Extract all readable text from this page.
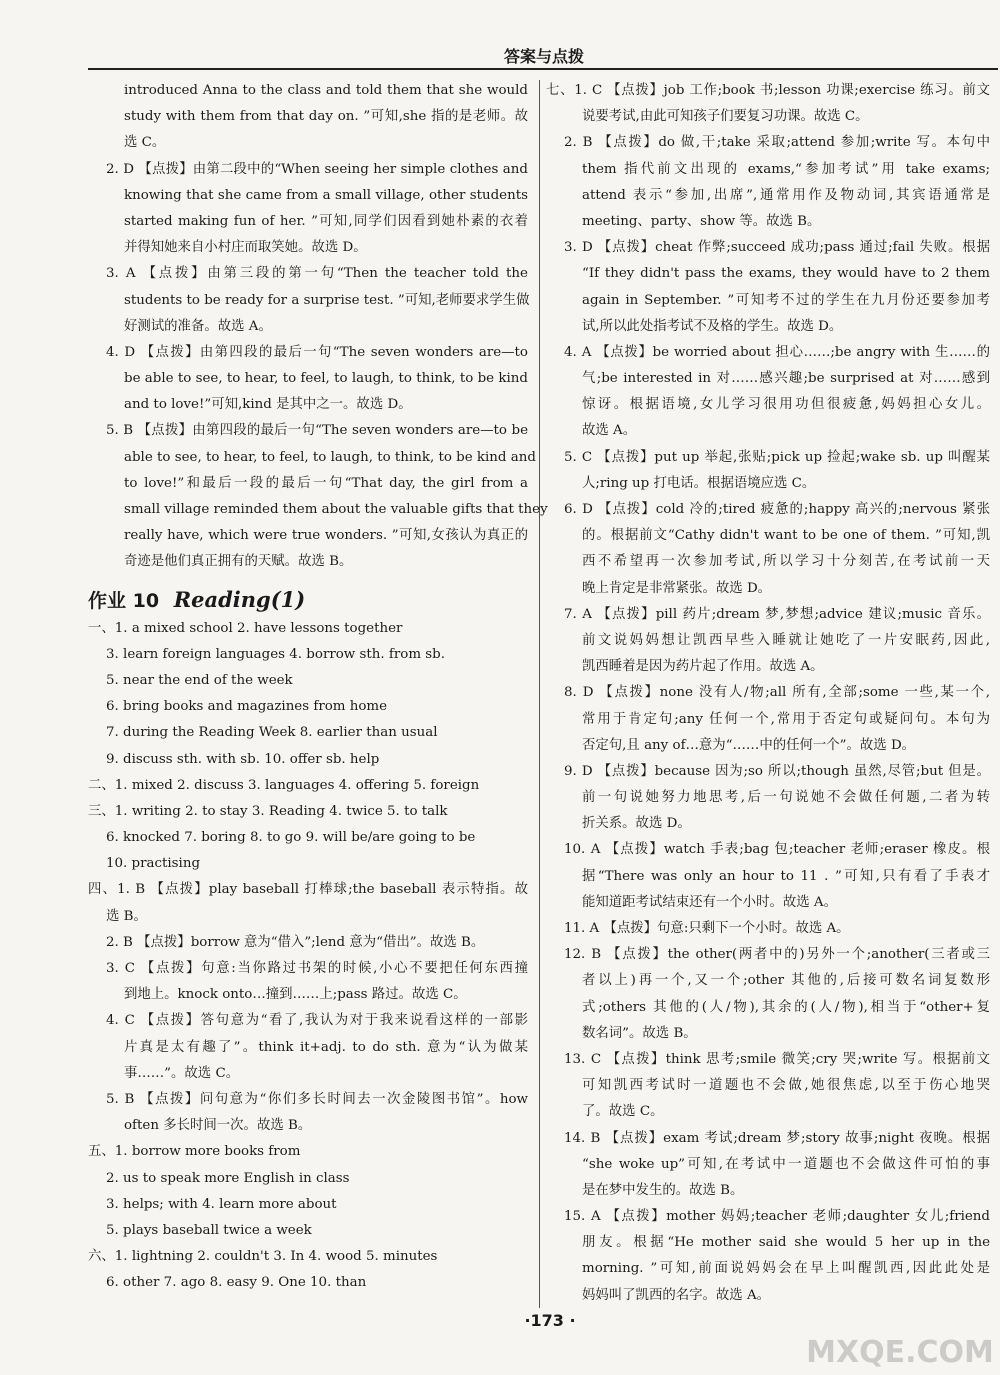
答案与点拨
introduced Anna to the class and told them that she would
study with them from that day on. ”可知,she 指的是老师。故
选 C。
2. D 【点拨】由第二段中的“When seeing her simple clothes and
knowing that she came from a small village, other students
started making fun of her. ”可知,同学们因看到她朴素的衣着
并得知她来自小村庄而取笑她。故选 D。
3. A 【点拨】由第三段的第一句“Then the teacher told the
students to be ready for a surprise test. ”可知,老师要求学生做
好测试的准备。故选 A。
4. D 【点拨】由第四段的最后一句“The seven wonders are—to
be able to see, to hear, to feel, to laugh, to think, to be kind
and to love!”可知,kind 是其中之一。故选 D。
5. B 【点拨】由第四段的最后一句“The seven wonders are—to be
able to see, to hear, to feel, to laugh, to think, to be kind and
to love!”和最后一段的最后一句“That day, the girl from a
small village reminded them about the valuable gifts that they
really have, which were true wonders. ”可知,女孩认为真正的
奇迹是他们真正拥有的天赋。故选 B。
作业 10 Reading(1)
一、1. a mixed school 2. have lessons together
3. learn foreign languages 4. borrow sth. from sb.
5. near the end of the week
6. bring books and magazines from home
7. during the Reading Week 8. earlier than usual
9. discuss sth. with sb. 10. offer sb. help
二、1. mixed 2. discuss 3. languages 4. offering 5. foreign
三、1. writing 2. to stay 3. Reading 4. twice 5. to talk
6. knocked 7. boring 8. to go 9. will be/are going to be
10. practising
四、1. B 【点拨】play baseball 打棒球;the baseball 表示特指。故
选 B。
2. B 【点拨】borrow 意为“借入”;lend 意为“借出”。故选 B。
3. C 【点拨】句意:当你路过书架的时候,小心不要把任何东西撞
到地上。knock onto…撞到……上;pass 路过。故选 C。
4. C 【点拨】答句意为“看了,我认为对于我来说看这样的一部影
片真是太有趣了”。think it+adj. to do sth. 意为“认为做某
事……”。故选 C。
5. B 【点拨】问句意为“你们多长时间去一次金陵图书馆”。how
often 多长时间一次。故选 B。
五、1. borrow more books from
2. us to speak more English in class
3. helps; with 4. learn more about
5. plays baseball twice a week
六、1. lightning 2. couldn't 3. In 4. wood 5. minutes
6. other 7. ago 8. easy 9. One 10. than
七、1. C 【点拨】job 工作;book 书;lesson 功课;exercise 练习。前文
说要考试,由此可知孩子们要复习功课。故选 C。
2. B 【点拨】do 做,干;take 采取;attend 参加;write 写。本句中
them 指代前文出现的 exams,“参加考试”用 take exams;
attend 表示“参加,出席”,通常用作及物动词,其宾语通常是
meeting、party、show 等。故选 B。
3. D 【点拨】cheat 作弊;succeed 成功;pass 通过;fail 失败。根据
“If they didn't pass the exams, they would have to 2 them
again in September. ”可知考不过的学生在九月份还要参加考
试,所以此处指考试不及格的学生。故选 D。
4. A 【点拨】be worried about 担心……;be angry with 生……的
气;be interested in 对……感兴趣;be surprised at 对……感到
惊讶。根据语境,女儿学习很用功但很疲惫,妈妈担心女儿。
故选 A。
5. C 【点拨】put up 举起,张贴;pick up 捡起;wake sb. up 叫醒某
人;ring up 打电话。根据语境应选 C。
6. D 【点拨】cold 冷的;tired 疲惫的;happy 高兴的;nervous 紧张
的。根据前文“Cathy didn't want to be one of them. ”可知,凯
西不希望再一次参加考试,所以学习十分刻苦,在考试前一天
晚上肯定是非常紧张。故选 D。
7. A 【点拨】pill 药片;dream 梦,梦想;advice 建议;music 音乐。
前文说妈妈想让凯西早些入睡就让她吃了一片安眠药,因此,
凯西睡着是因为药片起了作用。故选 A。
8. D 【点拨】none 没有人/物;all 所有,全部;some 一些,某一个,
常用于肯定句;any 任何一个,常用于否定句或疑问句。本句为
否定句,且 any of…意为“……中的任何一个”。故选 D。
9. D 【点拨】because 因为;so 所以;though 虽然,尽管;but 但是。
前一句说她努力地思考,后一句说她不会做任何题,二者为转
折关系。故选 D。
10. A 【点拨】watch 手表;bag 包;teacher 老师;eraser 橡皮。根
据“There was only an hour to 11 . ”可知,只有看了手表才
能知道距考试结束还有一个小时。故选 A。
11. A 【点拨】句意:只剩下一个小时。故选 A。
12. B 【点拨】the other(两者中的)另外一个;another(三者或三
者以上)再一个,又一个;other 其他的,后接可数名词复数形
式;others 其他的(人/物),其余的(人/物),相当于“other+复
数名词”。故选 B。
13. C 【点拨】think 思考;smile 微笑;cry 哭;write 写。根据前文
可知凯西考试时一道题也不会做,她很焦虑,以至于伤心地哭
了。故选 C。
14. B 【点拨】exam 考试;dream 梦;story 故事;night 夜晚。根据
“she woke up”可知,在考试中一道题也不会做这件可怕的事
是在梦中发生的。故选 B。
15. A 【点拨】mother 妈妈;teacher 老师;daughter 女儿;friend
朋友。根据“He mother said she would 5 her up in the
morning. ”可知,前面说妈妈会在早上叫醒凯西,因此此处是
妈妈叫了凯西的名字。故选 A。
·173 ·
MXQE.COM
